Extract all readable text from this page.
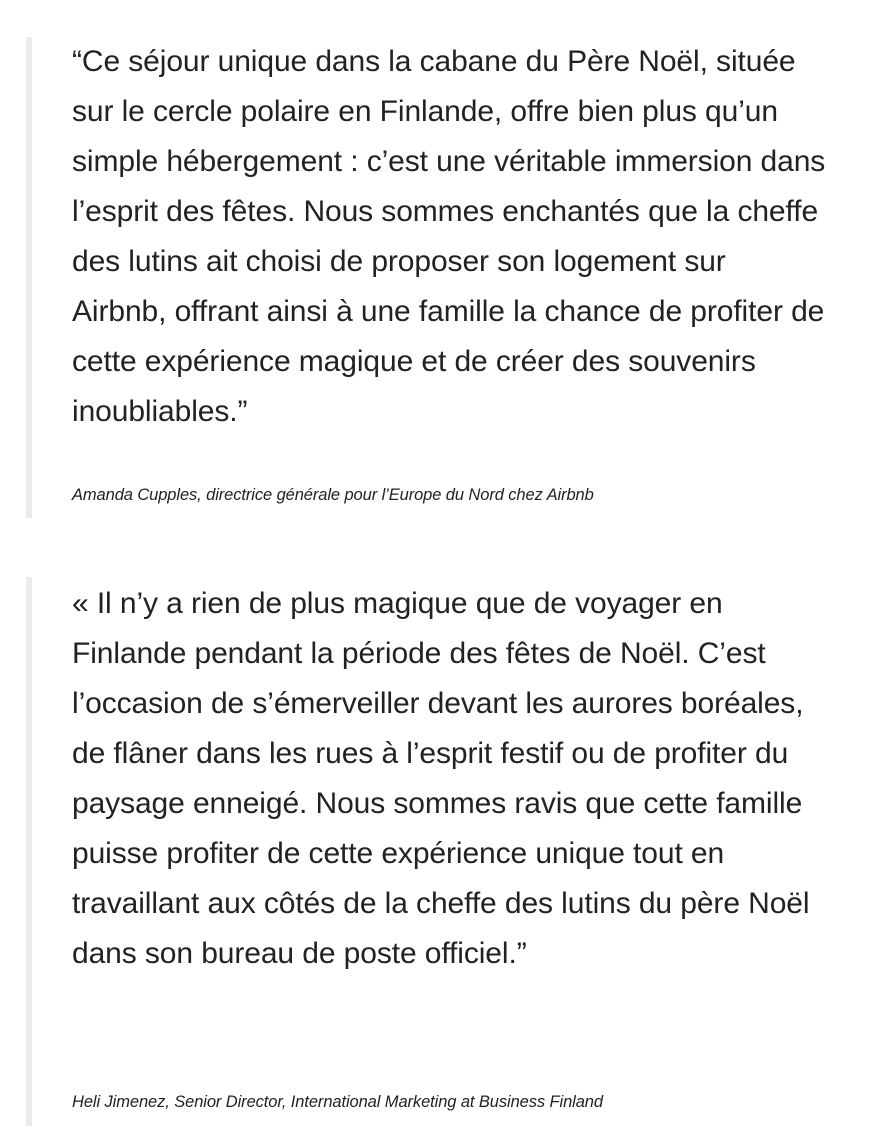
“Ce séjour unique dans la cabane du Père Noël, située sur le cercle polaire en Finlande, offre bien plus qu’un simple hébergement : c’est une véritable immersion dans l’esprit des fêtes. Nous sommes enchantés que la cheffe des lutins ait choisi de proposer son logement sur Airbnb, offrant ainsi à une famille la chance de profiter de cette expérience magique et de créer des souvenirs inoubliables.”

Amanda Cupples, directrice générale pour l’Europe du Nord chez Airbnb

« Il n’y a rien de plus magique que de voyager en Finlande pendant la période des fêtes de Noël. C’est l’occasion de s’émerveiller devant les aurores boréales, de flâner dans les rues à l’esprit festif ou de profiter du paysage enneigé. Nous sommes ravis que cette famille puisse profiter de cette expérience unique tout en travaillant aux côtés de la cheffe des lutins du père Noël dans son bureau de poste officiel.”

Heli Jimenez, Senior Director, International Marketing at Business Finland
